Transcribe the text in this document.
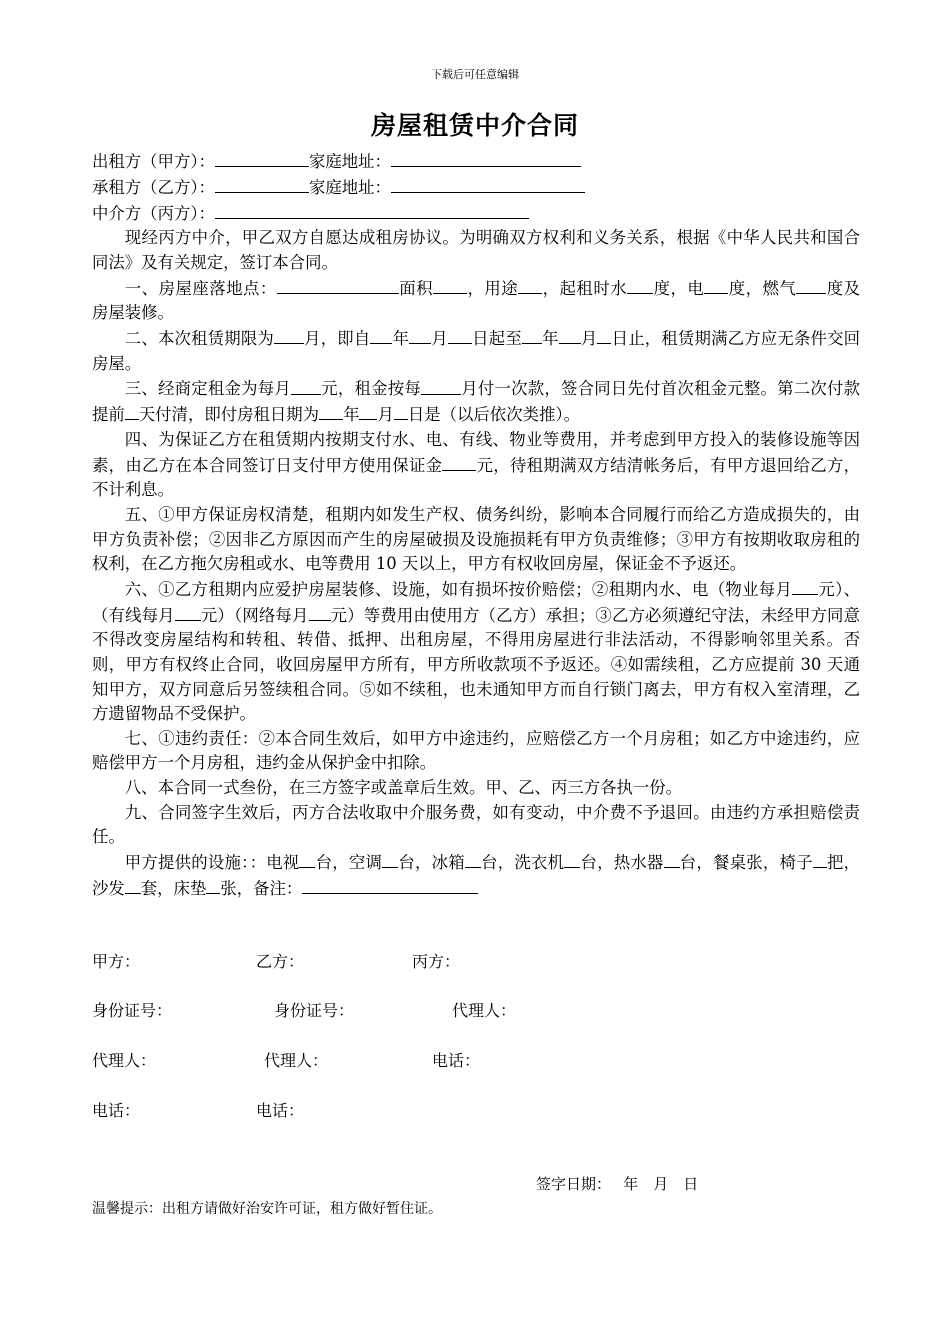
下载后可任意编辑
房屋租赁中介合同
出租方（甲方）：	家庭地址：
承租方（乙方）：	家庭地址：
中介方（丙方）：
现经丙方中介，甲乙双方自愿达成租房协议。为明确双方权利和义务关系，根据《中华人民共和国合同法》及有关规定，签订本合同。
一、房屋座落地点：	面积 ，用途 ，起租时水 度，电 度，燃气 度及房屋装修。
二、本次租赁期限为 月，即自 年 月 日起至 年 月 日止，租赁期满乙方应无条件交回房屋。
三、经商定租金为每月 元，租金按每 月付一次款，签合同日先付首次租金元整。第二次付款提前 天付清，即付房租日期为 年 月 日是（以后依次类推）。
四、为保证乙方在租赁期内按期支付水、电、有线、物业等费用，并考虑到甲方投入的装修设施等因素，由乙方在本合同签订日支付甲方使用保证金 元，待租期满双方结清帐务后，有甲方退回给乙方，不计利息。
五、①甲方保证房权清楚，租期内如发生产权、债务纠纷，影响本合同履行而给乙方造成损失的，由甲方负责补偿；②因非乙方原因而产生的房屋破损及设施损耗有甲方负责维修；③甲方有按期收取房租的权利，在乙方拖欠房租或水、电等费用 10 天以上，甲方有权收回房屋，保证金不予返还。
六、①乙方租期内应爱护房屋装修、设施，如有损坏按价赔偿；②租期内水、电（物业每月 元）、（有线每月 元）（网络每月 元）等费用由使用方（乙方）承担；③乙方必须遵纪守法，未经甲方同意不得改变房屋结构和转租、转借、抵押、出租房屋，不得用房屋进行非法活动，不得影响邻里关系。否则，甲方有权终止合同，收回房屋甲方所有，甲方所收款项不予返还。④如需续租，乙方应提前 30 天通知甲方，双方同意后另签续租合同。⑤如不续租，也未通知甲方而自行锁门离去，甲方有权入室清理，乙方遗留物品不受保护。
七、①违约责任：②本合同生效后，如甲方中途违约，应赔偿乙方一个月房租；如乙方中途违约，应赔偿甲方一个月房租，违约金从保护金中扣除。
八、本合同一式叁份，在三方签字或盖章后生效。甲、乙、丙三方各执一份。
九、合同签字生效后，丙方合法收取中介服务费，如有变动，中介费不予退回。由违约方承担赔偿责任。
甲方提供的设施：：电视 台，空调 台，冰箱 台，洗衣机 台，热水器 台，餐桌张，椅子 把，沙发 套，床垫 张，备注：
甲方：	乙方：	丙方：
身份证号：	身份证号：	代理人：
代理人：	代理人：	电话：
电话：	电话：
签字日期：　 年　月　日
温馨提示：出租方请做好治安许可证，租方做好暂住证。
